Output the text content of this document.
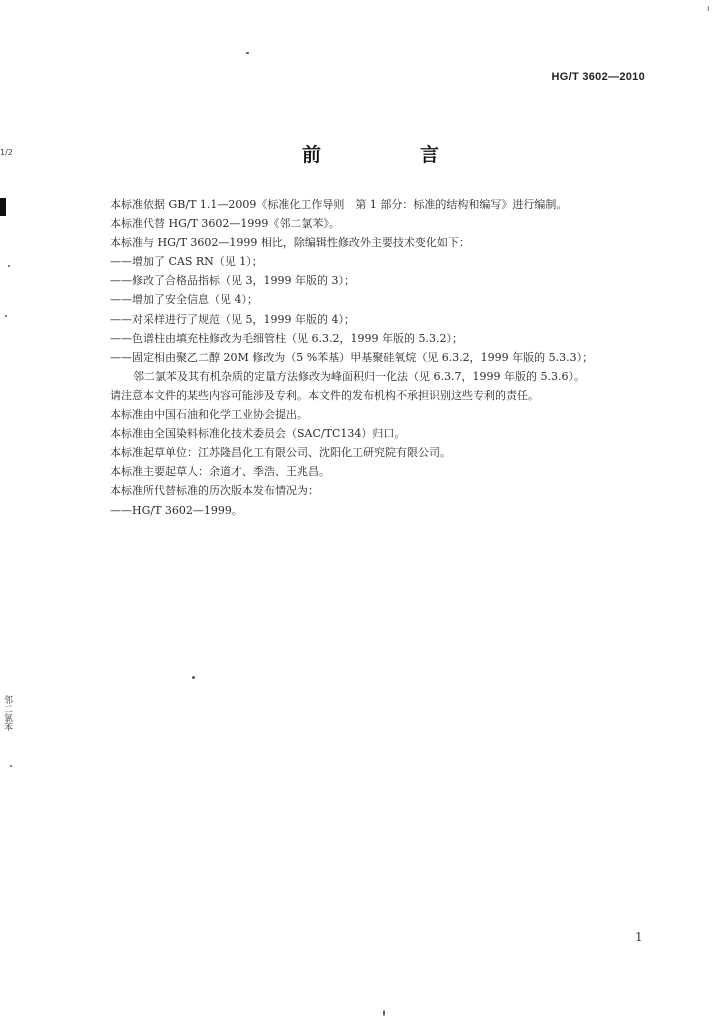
HG/T 3602—2010
前　言
本标准依据 GB/T 1.1—2009《标准化工作导则　第 1 部分：标准的结构和编写》进行编制。
本标准代替 HG/T 3602—1999《邻二氯苯》。
本标准与 HG/T 3602—1999 相比，除编辑性修改外主要技术变化如下：
——增加了 CAS RN（见 1）；
——修改了合格品指标（见 3，1999 年版的 3）；
——增加了安全信息（见 4）；
——对采样进行了规范（见 5，1999 年版的 4）；
——色谱柱由填充柱修改为毛细管柱（见 6.3.2，1999 年版的 5.3.2）；
——固定相由聚乙二醇 20M 修改为（5 %苯基）甲基聚硅氧烷（见 6.3.2，1999 年版的 5.3.3）；
邻二氯苯及其有机杂质的定量方法修改为峰面积归一化法（见 6.3.7，1999 年版的 5.3.6）。
请注意本文件的某些内容可能涉及专利。本文件的发布机构不承担识别这些专利的责任。
本标准由中国石油和化学工业协会提出。
本标准由全国染料标准化技术委员会（SAC/TC134）归口。
本标准起草单位：江苏隆昌化工有限公司、沈阳化工研究院有限公司。
本标准主要起草人：余道才、季浩、王兆昌。
本标准所代替标准的历次版本发布情况为：
——HG/T 3602—1999。
1
1/2
邻二氯苯
ı
